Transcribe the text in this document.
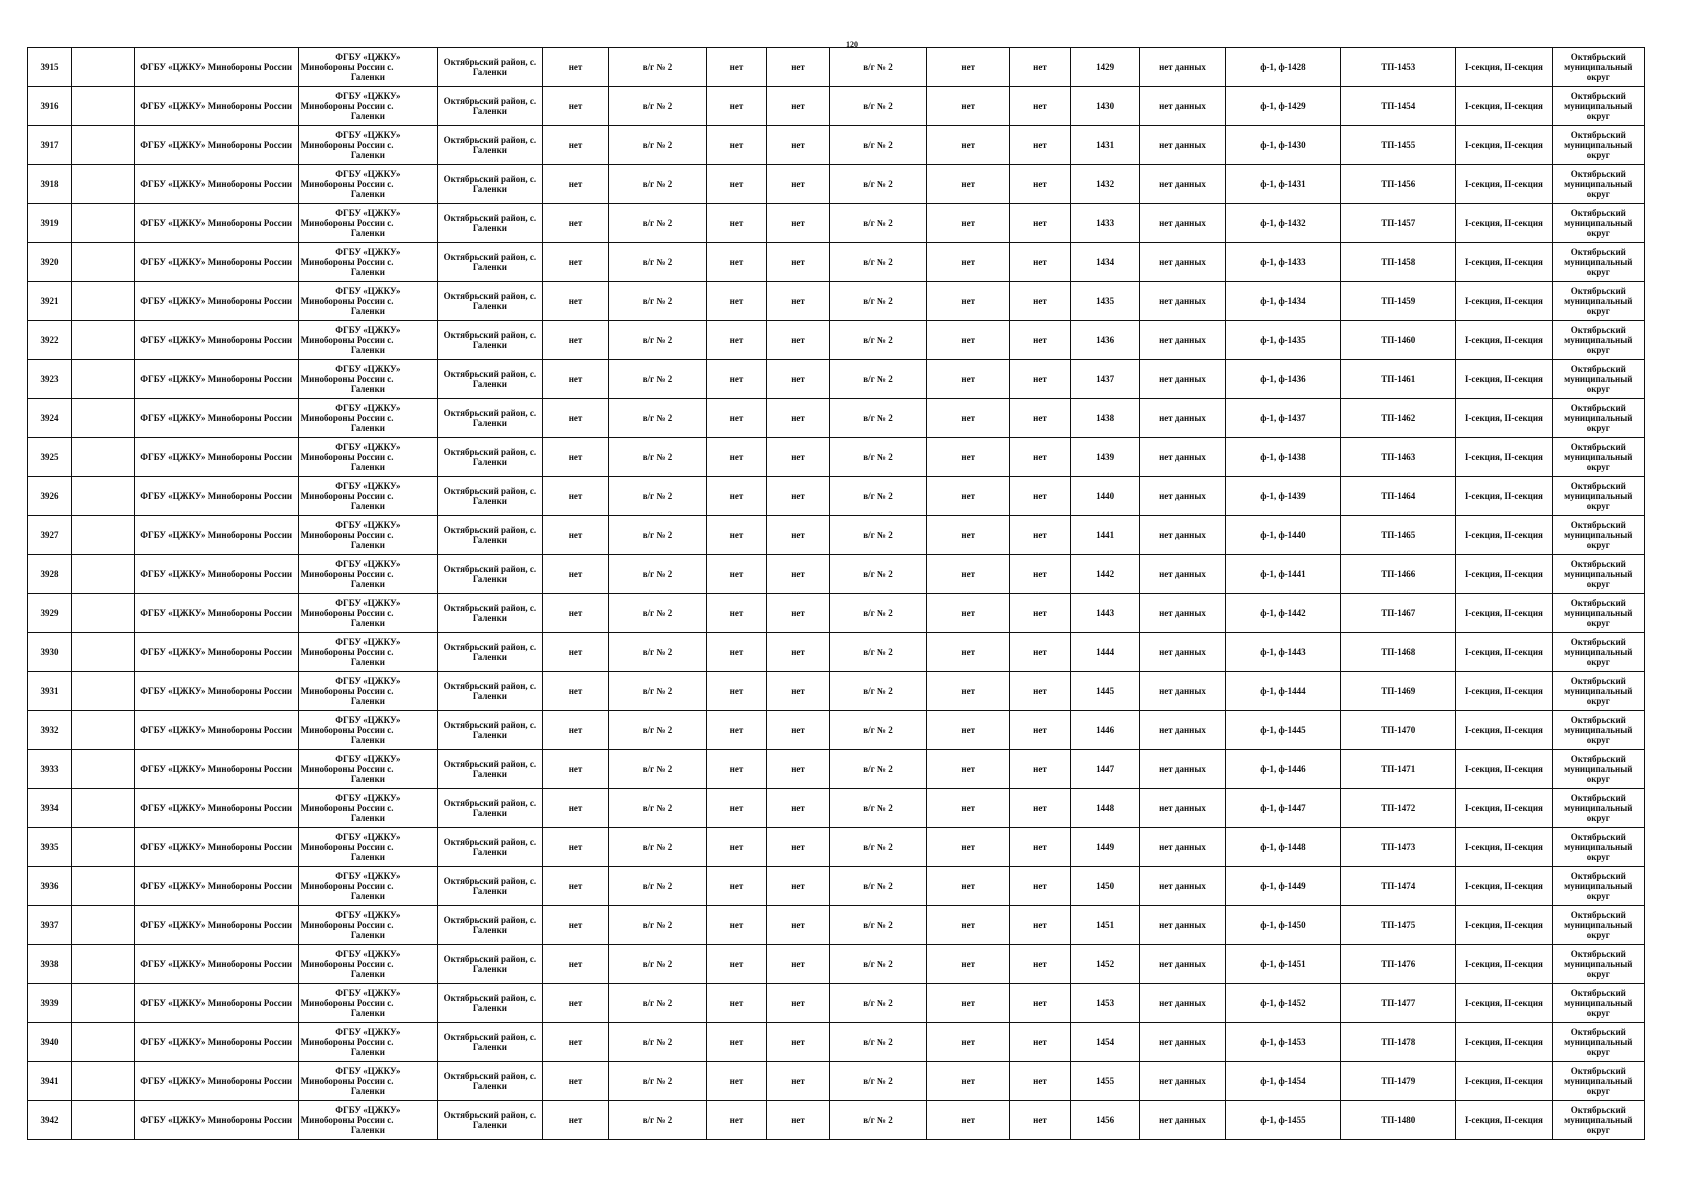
120
3915		ФГБУ «ЦЖКУ» Минобороны России	ФГБУ «ЦЖКУ»
Минобороны России с.
Галенки	Октябрьский район, с. Галенки	нет	в/г № 2	нет	нет	в/г № 2	нет	нет	1429	нет данных	ф-1, ф-1428	ТП-1453	I-секция, II-секция	Октябрьский муниципальный округ
3916		ФГБУ «ЦЖКУ» Минобороны России	ФГБУ «ЦЖКУ»
Минобороны России с.
Галенки	Октябрьский район, с. Галенки	нет	в/г № 2	нет	нет	в/г № 2	нет	нет	1430	нет данных	ф-1, ф-1429	ТП-1454	I-секция, II-секция	Октябрьский муниципальный округ
3917		ФГБУ «ЦЖКУ» Минобороны России	ФГБУ «ЦЖКУ»
Минобороны России с.
Галенки	Октябрьский район, с. Галенки	нет	в/г № 2	нет	нет	в/г № 2	нет	нет	1431	нет данных	ф-1, ф-1430	ТП-1455	I-секция, II-секция	Октябрьский муниципальный округ
3918		ФГБУ «ЦЖКУ» Минобороны России	ФГБУ «ЦЖКУ»
Минобороны России с.
Галенки	Октябрьский район, с. Галенки	нет	в/г № 2	нет	нет	в/г № 2	нет	нет	1432	нет данных	ф-1, ф-1431	ТП-1456	I-секция, II-секция	Октябрьский муниципальный округ
3919		ФГБУ «ЦЖКУ» Минобороны России	ФГБУ «ЦЖКУ»
Минобороны России с.
Галенки	Октябрьский район, с. Галенки	нет	в/г № 2	нет	нет	в/г № 2	нет	нет	1433	нет данных	ф-1, ф-1432	ТП-1457	I-секция, II-секция	Октябрьский муниципальный округ
3920		ФГБУ «ЦЖКУ» Минобороны России	ФГБУ «ЦЖКУ»
Минобороны России с.
Галенки	Октябрьский район, с. Галенки	нет	в/г № 2	нет	нет	в/г № 2	нет	нет	1434	нет данных	ф-1, ф-1433	ТП-1458	I-секция, II-секция	Октябрьский муниципальный округ
3921		ФГБУ «ЦЖКУ» Минобороны России	ФГБУ «ЦЖКУ»
Минобороны России с.
Галенки	Октябрьский район, с. Галенки	нет	в/г № 2	нет	нет	в/г № 2	нет	нет	1435	нет данных	ф-1, ф-1434	ТП-1459	I-секция, II-секция	Октябрьский муниципальный округ
3922		ФГБУ «ЦЖКУ» Минобороны России	ФГБУ «ЦЖКУ»
Минобороны России с.
Галенки	Октябрьский район, с. Галенки	нет	в/г № 2	нет	нет	в/г № 2	нет	нет	1436	нет данных	ф-1, ф-1435	ТП-1460	I-секция, II-секция	Октябрьский муниципальный округ
3923		ФГБУ «ЦЖКУ» Минобороны России	ФГБУ «ЦЖКУ»
Минобороны России с.
Галенки	Октябрьский район, с. Галенки	нет	в/г № 2	нет	нет	в/г № 2	нет	нет	1437	нет данных	ф-1, ф-1436	ТП-1461	I-секция, II-секция	Октябрьский муниципальный округ
3924		ФГБУ «ЦЖКУ» Минобороны России	ФГБУ «ЦЖКУ»
Минобороны России с.
Галенки	Октябрьский район, с. Галенки	нет	в/г № 2	нет	нет	в/г № 2	нет	нет	1438	нет данных	ф-1, ф-1437	ТП-1462	I-секция, II-секция	Октябрьский муниципальный округ
3925		ФГБУ «ЦЖКУ» Минобороны России	ФГБУ «ЦЖКУ»
Минобороны России с.
Галенки	Октябрьский район, с. Галенки	нет	в/г № 2	нет	нет	в/г № 2	нет	нет	1439	нет данных	ф-1, ф-1438	ТП-1463	I-секция, II-секция	Октябрьский муниципальный округ
3926		ФГБУ «ЦЖКУ» Минобороны России	ФГБУ «ЦЖКУ»
Минобороны России с.
Галенки	Октябрьский район, с. Галенки	нет	в/г № 2	нет	нет	в/г № 2	нет	нет	1440	нет данных	ф-1, ф-1439	ТП-1464	I-секция, II-секция	Октябрьский муниципальный округ
3927		ФГБУ «ЦЖКУ» Минобороны России	ФГБУ «ЦЖКУ»
Минобороны России с.
Галенки	Октябрьский район, с. Галенки	нет	в/г № 2	нет	нет	в/г № 2	нет	нет	1441	нет данных	ф-1, ф-1440	ТП-1465	I-секция, II-секция	Октябрьский муниципальный округ
3928		ФГБУ «ЦЖКУ» Минобороны России	ФГБУ «ЦЖКУ»
Минобороны России с.
Галенки	Октябрьский район, с. Галенки	нет	в/г № 2	нет	нет	в/г № 2	нет	нет	1442	нет данных	ф-1, ф-1441	ТП-1466	I-секция, II-секция	Октябрьский муниципальный округ
3929		ФГБУ «ЦЖКУ» Минобороны России	ФГБУ «ЦЖКУ»
Минобороны России с.
Галенки	Октябрьский район, с. Галенки	нет	в/г № 2	нет	нет	в/г № 2	нет	нет	1443	нет данных	ф-1, ф-1442	ТП-1467	I-секция, II-секция	Октябрьский муниципальный округ
3930		ФГБУ «ЦЖКУ» Минобороны России	ФГБУ «ЦЖКУ»
Минобороны России с.
Галенки	Октябрьский район, с. Галенки	нет	в/г № 2	нет	нет	в/г № 2	нет	нет	1444	нет данных	ф-1, ф-1443	ТП-1468	I-секция, II-секция	Октябрьский муниципальный округ
3931		ФГБУ «ЦЖКУ» Минобороны России	ФГБУ «ЦЖКУ»
Минобороны России с.
Галенки	Октябрьский район, с. Галенки	нет	в/г № 2	нет	нет	в/г № 2	нет	нет	1445	нет данных	ф-1, ф-1444	ТП-1469	I-секция, II-секция	Октябрьский муниципальный округ
3932		ФГБУ «ЦЖКУ» Минобороны России	ФГБУ «ЦЖКУ»
Минобороны России с.
Галенки	Октябрьский район, с. Галенки	нет	в/г № 2	нет	нет	в/г № 2	нет	нет	1446	нет данных	ф-1, ф-1445	ТП-1470	I-секция, II-секция	Октябрьский муниципальный округ
3933		ФГБУ «ЦЖКУ» Минобороны России	ФГБУ «ЦЖКУ»
Минобороны России с.
Галенки	Октябрьский район, с. Галенки	нет	в/г № 2	нет	нет	в/г № 2	нет	нет	1447	нет данных	ф-1, ф-1446	ТП-1471	I-секция, II-секция	Октябрьский муниципальный округ
3934		ФГБУ «ЦЖКУ» Минобороны России	ФГБУ «ЦЖКУ»
Минобороны России с.
Галенки	Октябрьский район, с. Галенки	нет	в/г № 2	нет	нет	в/г № 2	нет	нет	1448	нет данных	ф-1, ф-1447	ТП-1472	I-секция, II-секция	Октябрьский муниципальный округ
3935		ФГБУ «ЦЖКУ» Минобороны России	ФГБУ «ЦЖКУ»
Минобороны России с.
Галенки	Октябрьский район, с. Галенки	нет	в/г № 2	нет	нет	в/г № 2	нет	нет	1449	нет данных	ф-1, ф-1448	ТП-1473	I-секция, II-секция	Октябрьский муниципальный округ
3936		ФГБУ «ЦЖКУ» Минобороны России	ФГБУ «ЦЖКУ»
Минобороны России с.
Галенки	Октябрьский район, с. Галенки	нет	в/г № 2	нет	нет	в/г № 2	нет	нет	1450	нет данных	ф-1, ф-1449	ТП-1474	I-секция, II-секция	Октябрьский муниципальный округ
3937		ФГБУ «ЦЖКУ» Минобороны России	ФГБУ «ЦЖКУ»
Минобороны России с.
Галенки	Октябрьский район, с. Галенки	нет	в/г № 2	нет	нет	в/г № 2	нет	нет	1451	нет данных	ф-1, ф-1450	ТП-1475	I-секция, II-секция	Октябрьский муниципальный округ
3938		ФГБУ «ЦЖКУ» Минобороны России	ФГБУ «ЦЖКУ»
Минобороны России с.
Галенки	Октябрьский район, с. Галенки	нет	в/г № 2	нет	нет	в/г № 2	нет	нет	1452	нет данных	ф-1, ф-1451	ТП-1476	I-секция, II-секция	Октябрьский муниципальный округ
3939		ФГБУ «ЦЖКУ» Минобороны России	ФГБУ «ЦЖКУ»
Минобороны России с.
Галенки	Октябрьский район, с. Галенки	нет	в/г № 2	нет	нет	в/г № 2	нет	нет	1453	нет данных	ф-1, ф-1452	ТП-1477	I-секция, II-секция	Октябрьский муниципальный округ
3940		ФГБУ «ЦЖКУ» Минобороны России	ФГБУ «ЦЖКУ»
Минобороны России с.
Галенки	Октябрьский район, с. Галенки	нет	в/г № 2	нет	нет	в/г № 2	нет	нет	1454	нет данных	ф-1, ф-1453	ТП-1478	I-секция, II-секция	Октябрьский муниципальный округ
3941		ФГБУ «ЦЖКУ» Минобороны России	ФГБУ «ЦЖКУ»
Минобороны России с.
Галенки	Октябрьский район, с. Галенки	нет	в/г № 2	нет	нет	в/г № 2	нет	нет	1455	нет данных	ф-1, ф-1454	ТП-1479	I-секция, II-секция	Октябрьский муниципальный округ
3942		ФГБУ «ЦЖКУ» Минобороны России	ФГБУ «ЦЖКУ»
Минобороны России с.
Галенки	Октябрьский район, с. Галенки	нет	в/г № 2	нет	нет	в/г № 2	нет	нет	1456	нет данных	ф-1, ф-1455	ТП-1480	I-секция, II-секция	Октябрьский муниципальный округ
